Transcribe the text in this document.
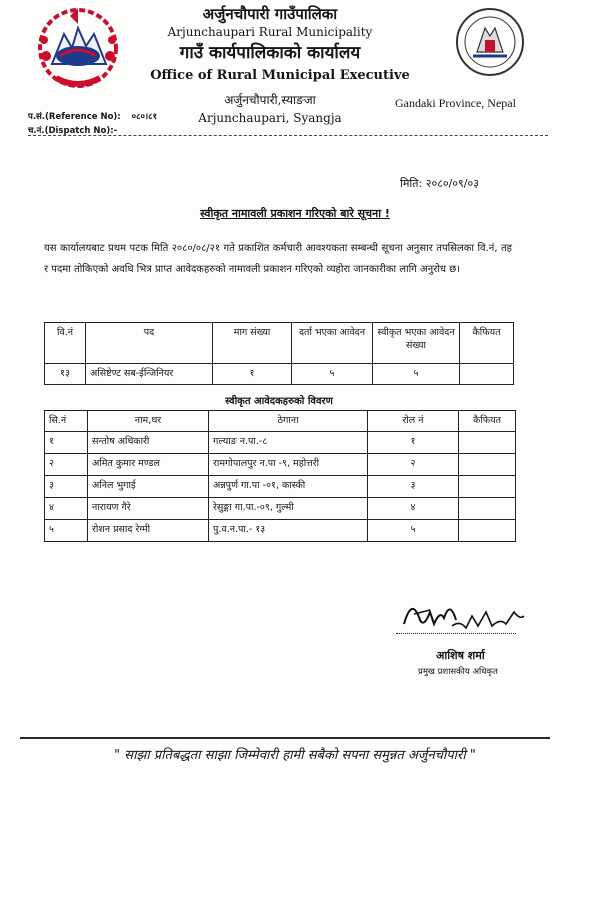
अर्जुनचौपारी गाउँपालिका
Arjunchaupari Rural Municipality
गाउँ कार्यपालिकाको कार्यालय
Office of Rural Municipal Executive
अर्जुनचौपारी,स्याङजा
Arjunchaupari, Syangja
Gandaki Province, Nepal
प.सं.(Reference No): ०८०।८१
च.नं.(Dispatch No):-
मिति: २०८०/०९/०३
स्वीकृत नामावली प्रकाशन गरिएको बारे सूचना !
यस कार्यालयबाट प्रथम पटक मिति २०८०/०८/२१ गते प्रकाशित कर्मचारी आवश्यकता सम्बन्धी सूचना अनुसार तपसिलका वि.नं, तह र पदमा तोकिएको अवधि भित्र प्राप्त आवेदकहरुको नामावली प्रकाशन गरिएको व्यहोरा जानकारीका लागि अनुरोध छ।
वि.नं	पद	माग संख्या	दर्ता भएका आवेदन	स्वीकृत भएका आवेदन संख्या	कैफियत
१३	असिष्टेण्ट सब-ईन्जिनियर	१	५	५	
स्वीकृत आवेदकहरुको विवरण
सि.नं	नाम,थर	ठेगाना	रोल नं	कैफियत
१	सन्तोष अधिकारी	गल्याङ न.पा.-८	१	
२	अमित कुमार मण्डल	रामगोपालपुर न.पा -९, महोत्तरी	२	
३	अनिल भुगाई	अन्नपुर्ण गा.पा -०१, कास्की	३	
४	नारायण गैरे	रेसुङ्गा गा.पा.-०९, गुल्मी	४	
५	रोशन प्रसाद रेग्मी	पु.व.न.पा.- १३	५	
आशिष शर्मा
प्रमुख प्रशासकीय अधिकृत
" साझा प्रतिबद्धता साझा जिम्मेवारी हामी सबैको सपना समुन्नत अर्जुनचौपारी "
